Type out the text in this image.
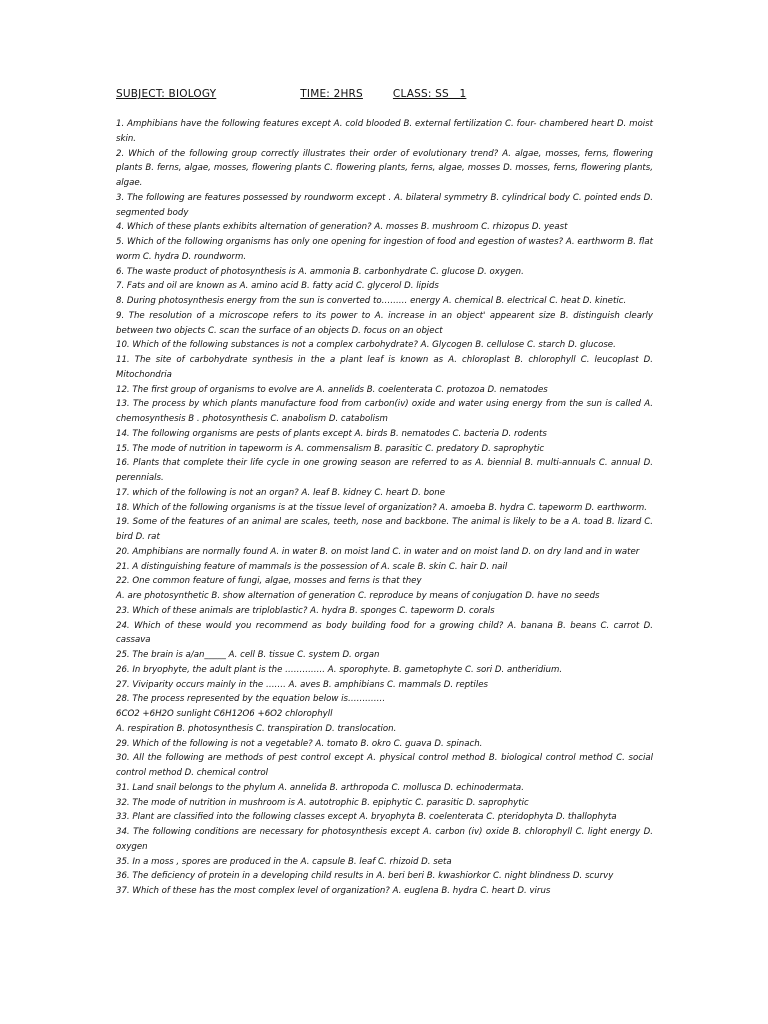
SUBJECT: BIOLOGY	TIME: 2HRS	CLASS: SS   1

1. Amphibians have the following features except A. cold blooded B. external fertilization C. four- chambered heart D. moist skin.

2. Which of the following group correctly illustrates their order of evolutionary trend? A. algae, mosses, ferns, flowering plants B. ferns, algae, mosses, flowering plants C. flowering plants, ferns, algae, mosses D. mosses, ferns, flowering plants, algae.

3. The following are features possessed by roundworm except . A. bilateral symmetry B. cylindrical body C. pointed ends D. segmented body

4. Which of these plants exhibits alternation of generation? A. mosses B. mushroom C. rhizopus D. yeast

5. Which of the following organisms has only one opening for ingestion of food and egestion of wastes? A. earthworm B. flat worm C. hydra D. roundworm.

6. The waste product of photosynthesis is A. ammonia B. carbonhydrate C. glucose D. oxygen.

7. Fats and oil are known as A. amino acid B. fatty acid C. glycerol D. lipids

8. During photosynthesis energy from the sun is converted to……… energy A. chemical B. electrical C. heat D. kinetic.

9. The resolution of a microscope refers to its power to A. increase in an object' appearent size B. distinguish clearly between two objects C. scan the surface of an objects D. focus on an object

10. Which of the following substances is not a complex carbohydrate? A. Glycogen B. cellulose C. starch D. glucose.

11. The site of carbohydrate synthesis in the a plant leaf is known as A. chloroplast B. chlorophyll C. leucoplast D. Mitochondria

12. The first group of organisms to evolve are A. annelids B. coelenterata C. protozoa D. nematodes

13. The process by which plants manufacture food from carbon(iv) oxide and water using energy from the sun is called A. chemosynthesis B . photosynthesis C. anabolism D. catabolism

14. The following organisms are pests of plants except A. birds B. nematodes C. bacteria D. rodents

15. The mode of nutrition in tapeworm is A. commensalism B. parasitic C. predatory D. saprophytic

16. Plants that complete their life cycle in one growing season are referred to as A. biennial B. multi-annuals C. annual D. perennials.

17. which of the following is not an organ? A. leaf B. kidney C. heart D. bone

18. Which of the following organisms is at the tissue level of organization? A. amoeba B. hydra C. tapeworm D. earthworm.

19. Some of the features of an animal are scales, teeth, nose and backbone. The animal is likely to be a A. toad B. lizard C. bird D. rat

20. Amphibians are normally found A. in water B. on moist land C. in water and on moist land D. on dry land and in water

21. A distinguishing feature of mammals is the possession of A. scale B. skin C. hair D. nail

22. One common feature of fungi, algae, mosses and ferns is that they

A. are photosynthetic B. show alternation of generation C. reproduce by means of conjugation D. have no seeds

23. Which of these animals are triploblastic? A. hydra B. sponges C. tapeworm D. corals

24. Which of these would you recommend as body building food for a growing child? A. banana B. beans C. carrot D. cassava

25. The brain is a/an_____ A. cell B. tissue C. system D. organ

26. In bryophyte, the adult plant is the ………….. A. sporophyte. B. gametophyte C. sori D. antheridium.

27. Viviparity occurs mainly in the ……. A. aves B. amphibians C. mammals D. reptiles

28. The process represented by the equation below is………….

6CO2 +6H2O sunlight C6H12O6 +6O2 chlorophyll

A. respiration B. photosynthesis C. transpiration D. translocation.

29. Which of the following is not a vegetable? A. tomato B. okro C. guava D. spinach.

30. All the following are methods of pest control except A. physical control method B. biological control method C. social control method D. chemical control

31. Land snail belongs to the phylum A. annelida B. arthropoda C. mollusca D. echinodermata.

32. The mode of nutrition in mushroom is A. autotrophic B. epiphytic C. parasitic D. saprophytic

33. Plant are classified into the following classes except A. bryophyta B. coelenterata C. pteridophyta D. thallophyta

34. The following conditions are necessary for photosynthesis except A. carbon (iv) oxide B. chlorophyll C. light energy D. oxygen

35. In a moss , spores are produced in the A. capsule B. leaf C. rhizoid D. seta

36. The deficiency of protein in a developing child results in A. beri beri B. kwashiorkor C. night blindness D. scurvy

37. Which of these has the most complex level of organization? A. euglena B. hydra C. heart D. virus
